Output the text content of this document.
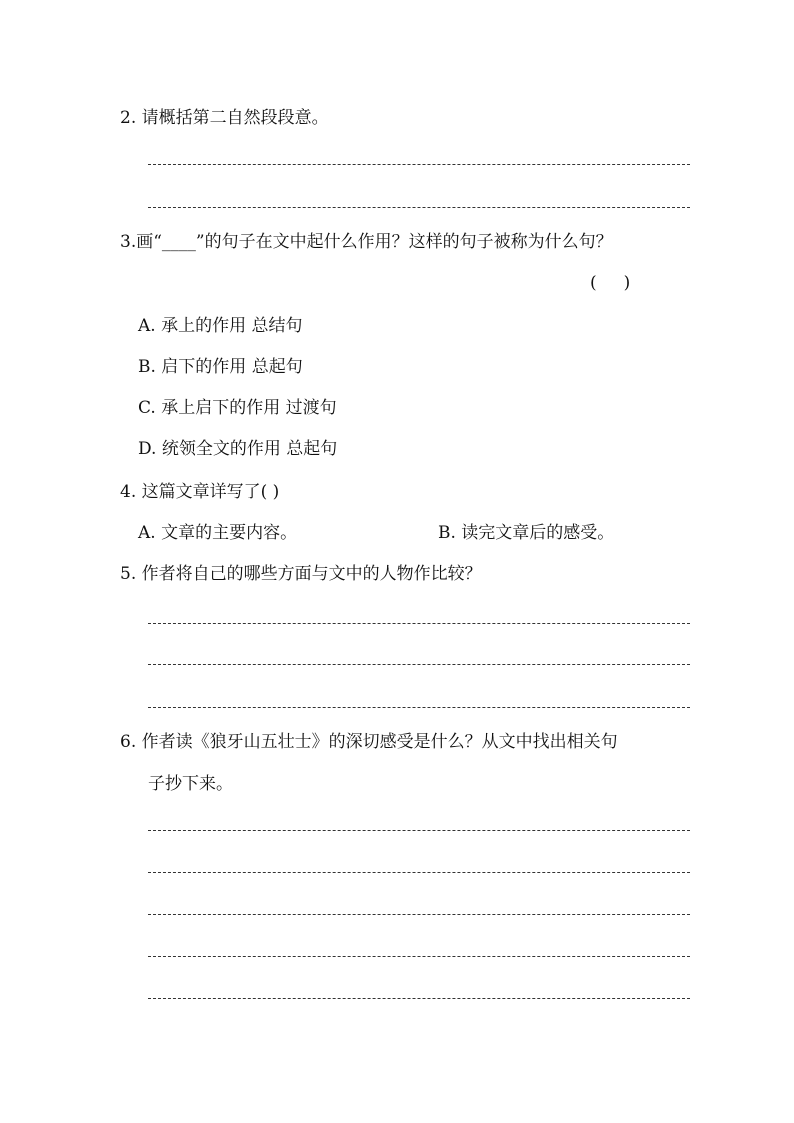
2. 请概括第二自然段段意。
3.画“____”的句子在文中起什么作用？这样的句子被称为什么句？
(     )
A. 承上的作用 总结句
B. 启下的作用 总起句
C. 承上启下的作用 过渡句
D. 统领全文的作用 总起句
4. 这篇文章详写了( )
A. 文章的主要内容。	B. 读完文章后的感受。
5. 作者将自己的哪些方面与文中的人物作比较？
6. 作者读《狼牙山五壮士》的深切感受是什么？从文中找出相关句
子抄下来。
